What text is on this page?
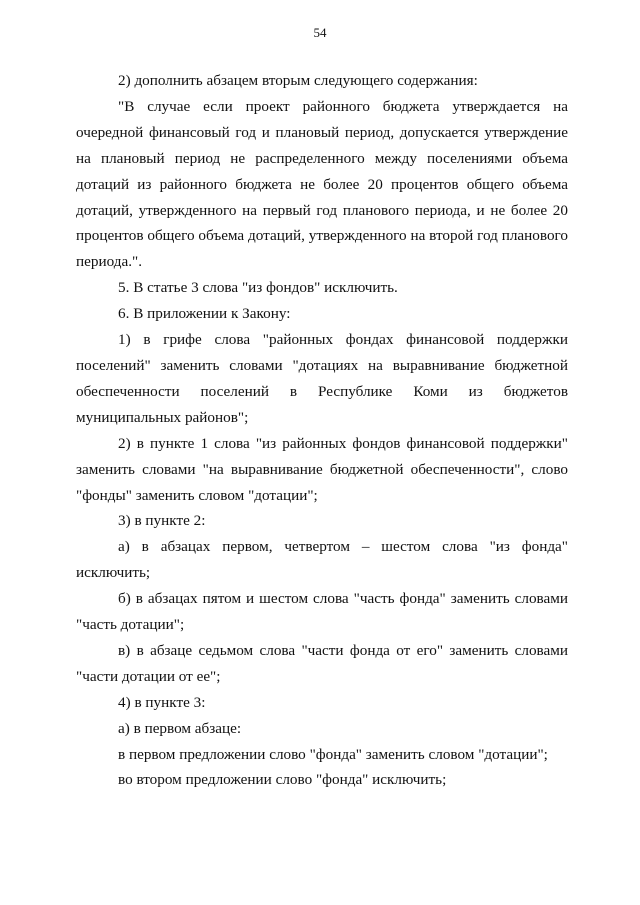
54

2) дополнить абзацем вторым следующего содержания:

"В случае если проект районного бюджета утверждается на очередной финансовый год и плановый период, допускается утверждение на плановый период не распределенного между поселениями объема дотаций из районного бюджета не более 20 процентов общего объема дотаций, утвержденного на первый год планового периода, и не более 20 процентов общего объема дотаций, утвержденного на второй год планового периода.".

5. В статье 3 слова "из фондов" исключить.

6. В приложении к Закону:

1) в грифе слова "районных фондах финансовой поддержки поселений" заменить словами "дотациях на выравнивание бюджетной обеспеченности поселений в Республике Коми из бюджетов муниципальных районов";

2) в пункте 1 слова "из районных фондов финансовой поддержки" заменить словами "на выравнивание бюджетной обеспеченности", слово "фонды" заменить словом "дотации";

3) в пункте 2:

а) в абзацах первом, четвертом – шестом слова "из фонда" исключить;

б) в абзацах пятом и шестом слова "часть фонда" заменить словами "часть дотации";

в) в абзаце седьмом слова "части фонда от его" заменить словами "части дотации от ее";

4) в пункте 3:

а) в первом абзаце:

в первом предложении слово "фонда" заменить словом "дотации";

во втором предложении слово "фонда" исключить;
